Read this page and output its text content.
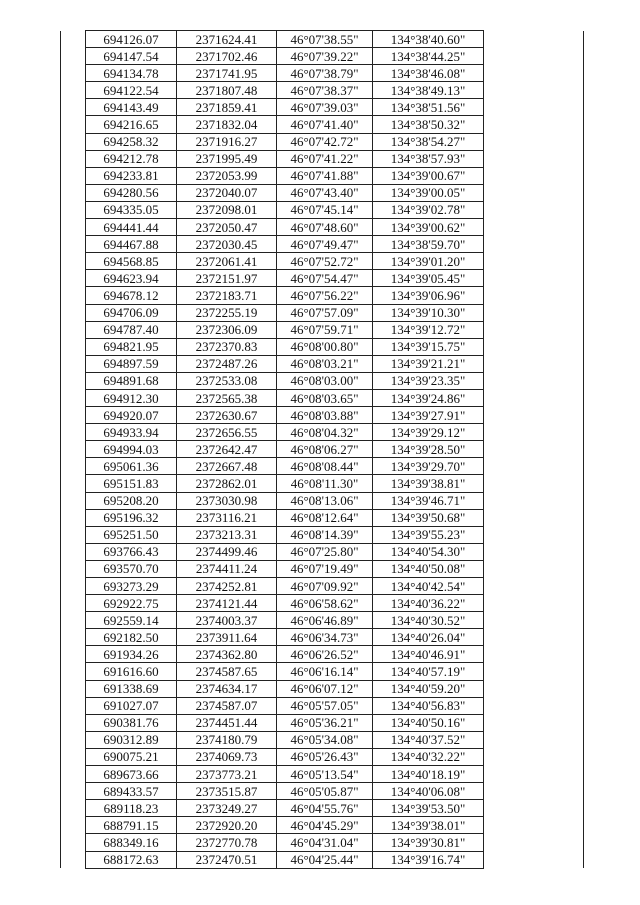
	694126.07	2371624.41	46°07'38.55"	134°38'40.60"	
	694147.54	2371702.46	46°07'39.22"	134°38'44.25"	
	694134.78	2371741.95	46°07'38.79"	134°38'46.08"	
	694122.54	2371807.48	46°07'38.37"	134°38'49.13"	
	694143.49	2371859.41	46°07'39.03"	134°38'51.56"	
	694216.65	2371832.04	46°07'41.40"	134°38'50.32"	
	694258.32	2371916.27	46°07'42.72"	134°38'54.27"	
	694212.78	2371995.49	46°07'41.22"	134°38'57.93"	
	694233.81	2372053.99	46°07'41.88"	134°39'00.67"	
	694280.56	2372040.07	46°07'43.40"	134°39'00.05"	
	694335.05	2372098.01	46°07'45.14"	134°39'02.78"	
	694441.44	2372050.47	46°07'48.60"	134°39'00.62"	
	694467.88	2372030.45	46°07'49.47"	134°38'59.70"	
	694568.85	2372061.41	46°07'52.72"	134°39'01.20"	
	694623.94	2372151.97	46°07'54.47"	134°39'05.45"	
	694678.12	2372183.71	46°07'56.22"	134°39'06.96"	
	694706.09	2372255.19	46°07'57.09"	134°39'10.30"	
	694787.40	2372306.09	46°07'59.71"	134°39'12.72"	
	694821.95	2372370.83	46°08'00.80"	134°39'15.75"	
	694897.59	2372487.26	46°08'03.21"	134°39'21.21"	
	694891.68	2372533.08	46°08'03.00"	134°39'23.35"	
	694912.30	2372565.38	46°08'03.65"	134°39'24.86"	
	694920.07	2372630.67	46°08'03.88"	134°39'27.91"	
	694933.94	2372656.55	46°08'04.32"	134°39'29.12"	
	694994.03	2372642.47	46°08'06.27"	134°39'28.50"	
	695061.36	2372667.48	46°08'08.44"	134°39'29.70"	
	695151.83	2372862.01	46°08'11.30"	134°39'38.81"	
	695208.20	2373030.98	46°08'13.06"	134°39'46.71"	
	695196.32	2373116.21	46°08'12.64"	134°39'50.68"	
	695251.50	2373213.31	46°08'14.39"	134°39'55.23"	
	693766.43	2374499.46	46°07'25.80"	134°40'54.30"	
	693570.70	2374411.24	46°07'19.49"	134°40'50.08"	
	693273.29	2374252.81	46°07'09.92"	134°40'42.54"	
	692922.75	2374121.44	46°06'58.62"	134°40'36.22"	
	692559.14	2374003.37	46°06'46.89"	134°40'30.52"	
	692182.50	2373911.64	46°06'34.73"	134°40'26.04"	
	691934.26	2374362.80	46°06'26.52"	134°40'46.91"	
	691616.60	2374587.65	46°06'16.14"	134°40'57.19"	
	691338.69	2374634.17	46°06'07.12"	134°40'59.20"	
	691027.07	2374587.07	46°05'57.05"	134°40'56.83"	
	690381.76	2374451.44	46°05'36.21"	134°40'50.16"	
	690312.89	2374180.79	46°05'34.08"	134°40'37.52"	
	690075.21	2374069.73	46°05'26.43"	134°40'32.22"	
	689673.66	2373773.21	46°05'13.54"	134°40'18.19"	
	689433.57	2373515.87	46°05'05.87"	134°40'06.08"	
	689118.23	2373249.27	46°04'55.76"	134°39'53.50"	
	688791.15	2372920.20	46°04'45.29"	134°39'38.01"	
	688349.16	2372770.78	46°04'31.04"	134°39'30.81"	
	688172.63	2372470.51	46°04'25.44"	134°39'16.74"	
